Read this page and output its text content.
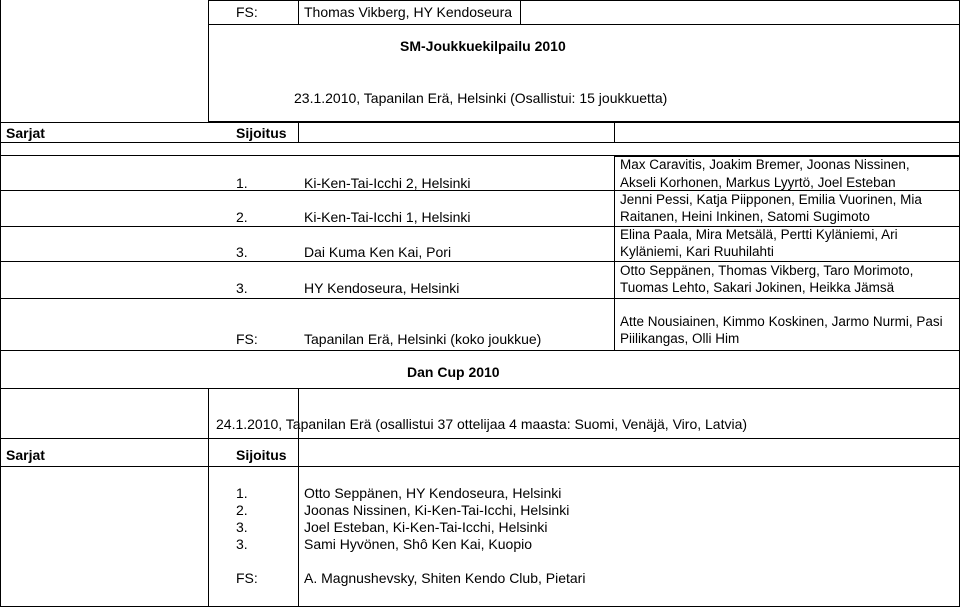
FS:	Thomas Vikberg, HY Kendoseura
SM-Joukkuekilpailu 2010
23.1.2010, Tapanilan Erä, Helsinki (Osallistui: 15 joukkuetta)
Sarjat	Sijoitus
1.	Ki-Ken-Tai-Icchi 2, Helsinki
Max Caravitis, Joakim Bremer, Joonas Nissinen,
Akseli Korhonen, Markus Lyyrtö, Joel Esteban
2.	Ki-Ken-Tai-Icchi 1, Helsinki
Jenni Pessi, Katja Piipponen, Emilia Vuorinen, Mia
Raitanen, Heini Inkinen, Satomi Sugimoto
3.	Dai Kuma Ken Kai, Pori
Elina Paala, Mira Metsälä, Pertti Kyläniemi, Ari
Kyläniemi, Kari Ruuhilahti
3.	HY Kendoseura, Helsinki
Otto Seppänen, Thomas Vikberg, Taro Morimoto,
Tuomas Lehto, Sakari Jokinen, Heikka Jämsä
FS:	Tapanilan Erä, Helsinki (koko joukkue)
Atte Nousiainen, Kimmo Koskinen, Jarmo Nurmi, Pasi
Piilikangas, Olli Him
Dan Cup 2010
24.1.2010, Tapanilan Erä (osallistui 37 ottelijaa 4 maasta: Suomi, Venäjä, Viro, Latvia)
Sarjat	Sijoitus
1.	Otto Seppänen, HY Kendoseura, Helsinki
2.	Joonas Nissinen, Ki-Ken-Tai-Icchi, Helsinki
3.	Joel Esteban, Ki-Ken-Tai-Icchi, Helsinki
3.	Sami Hyvönen, Shô Ken Kai, Kuopio
FS:	A. Magnushevsky, Shiten Kendo Club, Pietari
